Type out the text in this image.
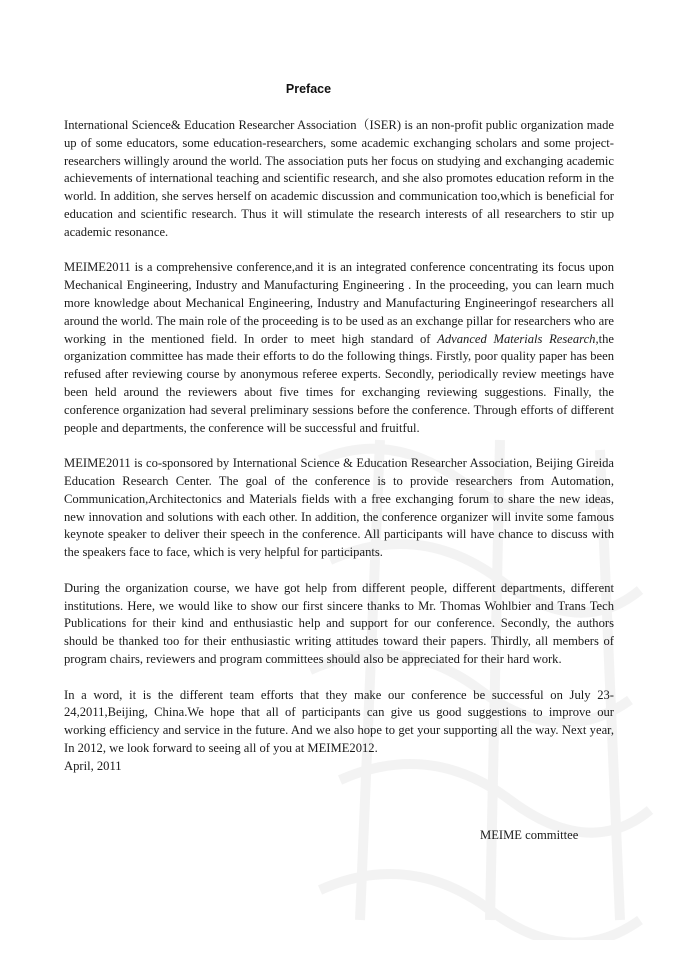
Preface

International Science& Education Researcher Association（ISER) is an non-profit public organization made up of some educators, some education-researchers, some academic exchanging scholars and some project-researchers willingly around the world. The association puts her focus on studying and exchanging academic achievements of international teaching and scientific research, and she also promotes education reform in the world. In addition, she serves herself on academic discussion and communication too,which is beneficial for education and scientific research. Thus it will stimulate the research interests of all researchers to stir up academic resonance.

MEIME2011 is a comprehensive conference,and it is an integrated conference concentrating its focus upon Mechanical Engineering, Industry and Manufacturing Engineering . In the proceeding, you can learn much more knowledge about Mechanical Engineering, Industry and Manufacturing Engineeringof researchers all around the world. The main role of the proceeding is to be used as an exchange pillar for researchers who are working in the mentioned field. In order to meet high standard of Advanced Materials Research,the organization committee has made their efforts to do the following things. Firstly, poor quality paper has been refused after reviewing course by anonymous referee experts. Secondly, periodically review meetings have been held around the reviewers about five times for exchanging reviewing suggestions. Finally, the conference organization had several preliminary sessions before the conference. Through efforts of different people and departments, the conference will be successful and fruitful.

MEIME2011 is co-sponsored by International Science & Education Researcher Association, Beijing Gireida Education Research Center. The goal of the conference is to provide researchers from Automation, Communication,Architectonics and Materials fields with a free exchanging forum to share the new ideas, new innovation and solutions with each other. In addition, the conference organizer will invite some famous keynote speaker to deliver their speech in the conference. All participants will have chance to discuss with the speakers face to face, which is very helpful for participants.

During the organization course, we have got help from different people, different departments, different institutions. Here, we would like to show our first sincere thanks to Mr. Thomas Wohlbier and Trans Tech Publications for their kind and enthusiastic help and support for our conference. Secondly, the authors should be thanked too for their enthusiastic writing attitudes toward their papers. Thirdly, all members of program chairs, reviewers and program committees should also be appreciated for their hard work.

In a word, it is the different team efforts that they make our conference be successful on July 23-24,2011,Beijing, China.We hope that all of participants can give us good suggestions to improve our working efficiency and service in the future. And we also hope to get your supporting all the way. Next year, In 2012, we look forward to seeing all of you at MEIME2012.
April, 2011

MEIME committee
